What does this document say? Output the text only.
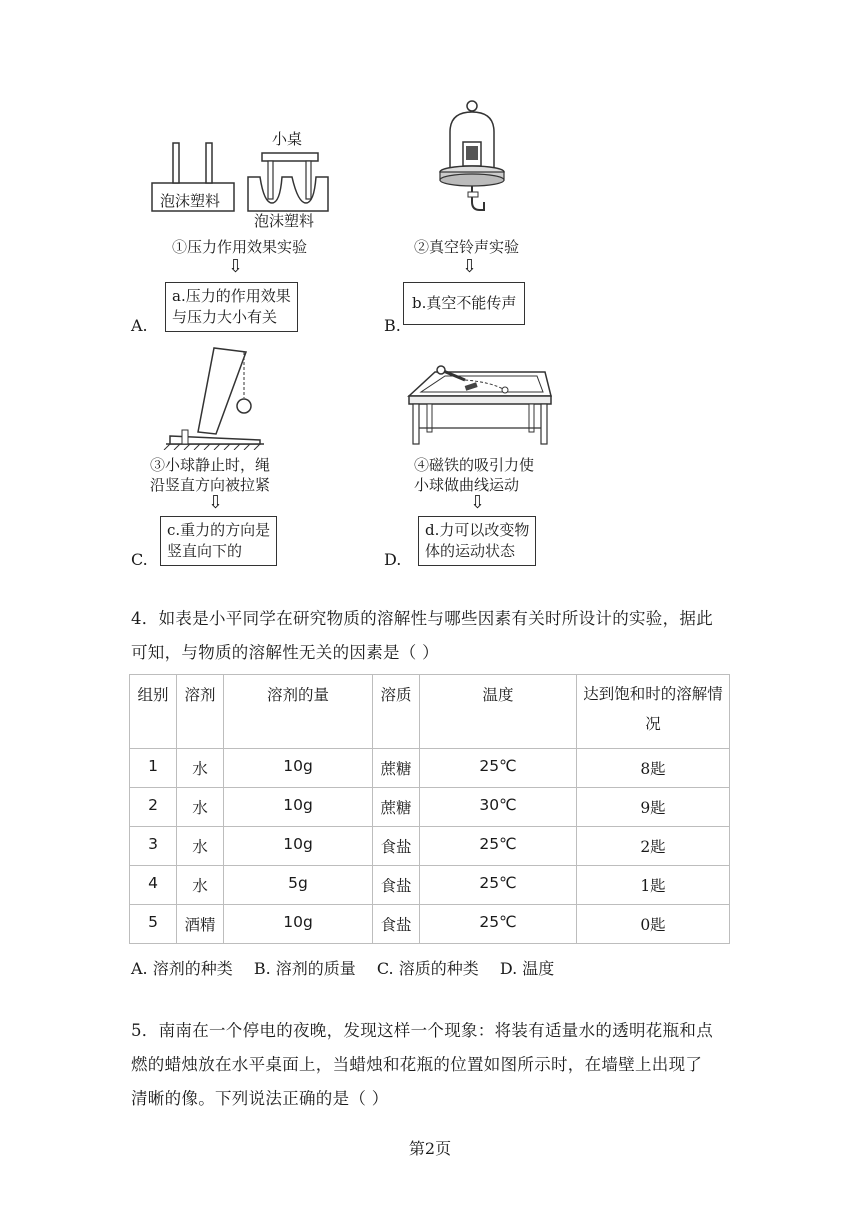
小桌
泡沫塑料
泡沫塑料
①压力作用效果实验
⇩
a.压力的作用效果
与压力大小有关
A.
②真空铃声实验
⇩
b.真空不能传声
B.
③小球静止时，绳
沿竖直方向被拉紧
⇩
c.重力的方向是
竖直向下的
C.
④磁铁的吸引力使
小球做曲线运动
⇩
d.力可以改变物
体的运动状态
D.
4．如表是小平同学在研究物质的溶解性与哪些因素有关时所设计的实验，据此
可知，与物质的溶解性无关的因素是（ ）
组别	溶剂	溶剂的量	溶质	温度	达到饱和时的溶解情
况

1	水	10g	蔗糖	25℃	8匙
2	水	10g	蔗糖	30℃	9匙
3	水	10g	食盐	25℃	2匙
4	水	5g	食盐	25℃	1匙
5	酒精	10g	食盐	25℃	0匙
A. 溶剂的种类 B. 溶剂的质量 C. 溶质的种类 D. 温度
5．南南在一个停电的夜晚，发现这样一个现象：将装有适量水的透明花瓶和点
燃的蜡烛放在水平桌面上，当蜡烛和花瓶的位置如图所示时，在墙壁上出现了
清晰的像。下列说法正确的是（ ）
第2页
